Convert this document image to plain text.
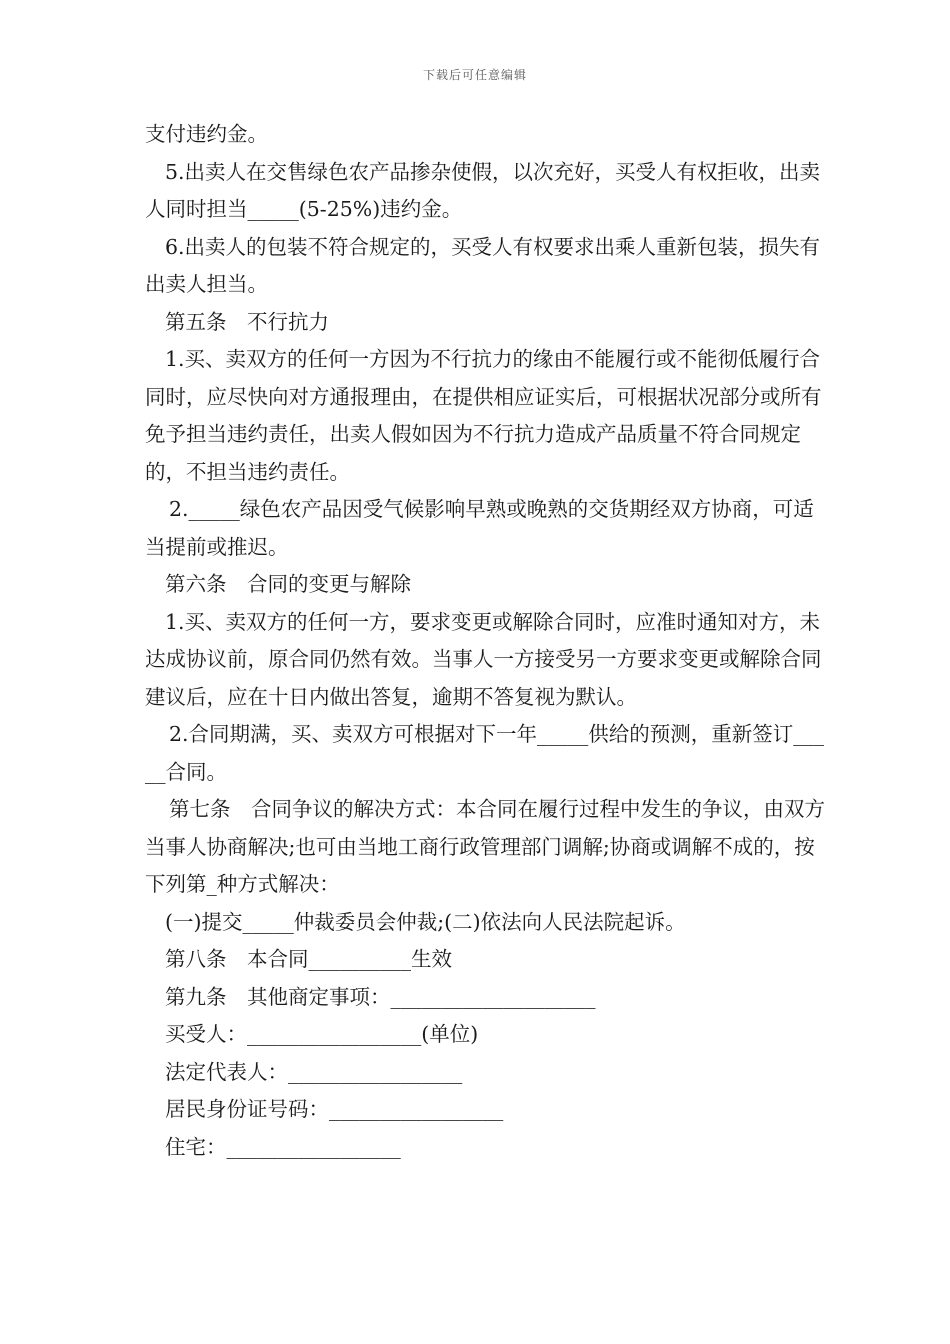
下载后可任意编辑

支付违约金。

5.出卖人在交售绿色农产品掺杂使假，以次充好，买受人有权拒收，出卖人同时担当_____(5-25%)违约金。

6.出卖人的包装不符合规定的，买受人有权要求出乘人重新包装，损失有出卖人担当。

第五条　不行抗力

1.买、卖双方的任何一方因为不行抗力的缘由不能履行或不能彻低履行合同时，应尽快向对方通报理由，在提供相应证实后，可根据状况部分或所有免予担当违约责任，出卖人假如因为不行抗力造成产品质量不符合同规定的，不担当违约责任。

2._____绿色农产品因受气候影响早熟或晚熟的交货期经双方协商，可适当提前或推迟。

第六条　合同的变更与解除

1.买、卖双方的任何一方，要求变更或解除合同时，应准时通知对方，未达成协议前，原合同仍然有效。当事人一方接受另一方要求变更或解除合同建议后，应在十日内做出答复，逾期不答复视为默认。

2.合同期满，买、卖双方可根据对下一年_____供给的预测，重新签订_____合同。

第七条　合同争议的解决方式：本合同在履行过程中发生的争议，由双方当事人协商解决;也可由当地工商行政管理部门调解;协商或调解不成的，按下列第_种方式解决：

(一)提交_____仲裁委员会仲裁;(二)依法向人民法院起诉。

第八条　本合同__________生效

第九条　其他商定事项：____________________

买受人：_________________(单位)

法定代表人：_________________

居民身份证号码：_________________

住宅：_________________
